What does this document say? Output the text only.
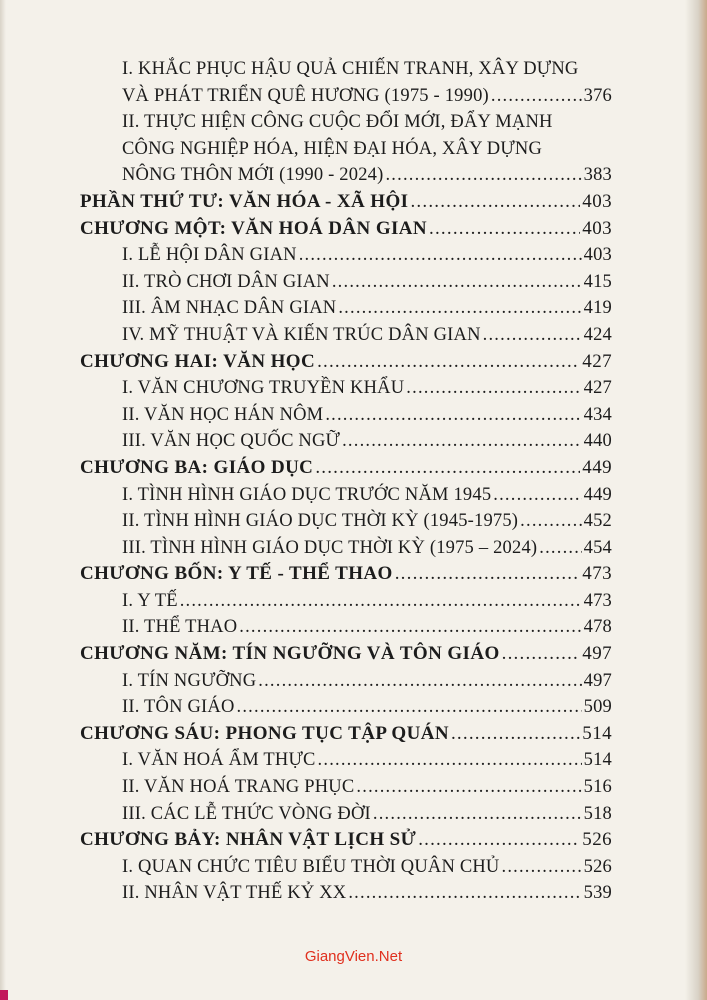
I. KHẮC PHỤC HẬU QUẢ CHIẾN TRANH, XÂY DỰNG
VÀ PHÁT TRIỂN QUÊ HƯƠNG (1975 - 1990) .....	376
II. THỰC HIỆN CÔNG CUỘC ĐỔI MỚI, ĐẨY MẠNH
CÔNG NGHIỆP HÓA, HIỆN ĐẠI HÓA, XÂY DỰNG
NÔNG THÔN MỚI (1990 - 2024) .....	383
PHẦN THỨ TƯ: VĂN HÓA - XÃ HỘI .....	403
CHƯƠNG MỘT: VĂN HOÁ DÂN GIAN .....	403
I. LỄ HỘI DÂN GIAN .....	403
II. TRÒ CHƠI DÂN GIAN .....	415
III. ÂM NHẠC DÂN GIAN .....	419
IV. MỸ THUẬT VÀ KIẾN TRÚC DÂN GIAN .....	424
CHƯƠNG HAI: VĂN HỌC .....	427
I. VĂN CHƯƠNG TRUYỀN KHẨU .....	427
II. VĂN HỌC HÁN NÔM .....	434
III. VĂN HỌC QUỐC NGỮ .....	440
CHƯƠNG BA: GIÁO DỤC .....	449
I. TÌNH HÌNH GIÁO DỤC TRƯỚC NĂM 1945 .....	449
II. TÌNH HÌNH GIÁO DỤC THỜI KỲ (1945-1975) .....	452
III. TÌNH HÌNH GIÁO DỤC THỜI KỲ (1975 – 2024) .....	454
CHƯƠNG BỐN: Y TẾ - THỂ THAO .....	473
I. Y TẾ .....	473
II. THỂ THAO .....	478
CHƯƠNG NĂM: TÍN NGƯỠNG VÀ TÔN GIÁO .....	497
I. TÍN NGƯỠNG .....	497
II. TÔN GIÁO .....	509
CHƯƠNG SÁU: PHONG TỤC TẬP QUÁN .....	514
I. VĂN HOÁ ẨM THỰC .....	514
II. VĂN HOÁ TRANG PHỤC .....	516
III. CÁC LỄ THỨC VÒNG ĐỜI .....	518
CHƯƠNG BẢY: NHÂN VẬT LỊCH SỬ .....	526
I. QUAN CHỨC TIÊU BIỂU THỜI QUÂN CHỦ .....	526
II. NHÂN VẬT THẾ KỶ XX .....	539
GiangVien.Net
